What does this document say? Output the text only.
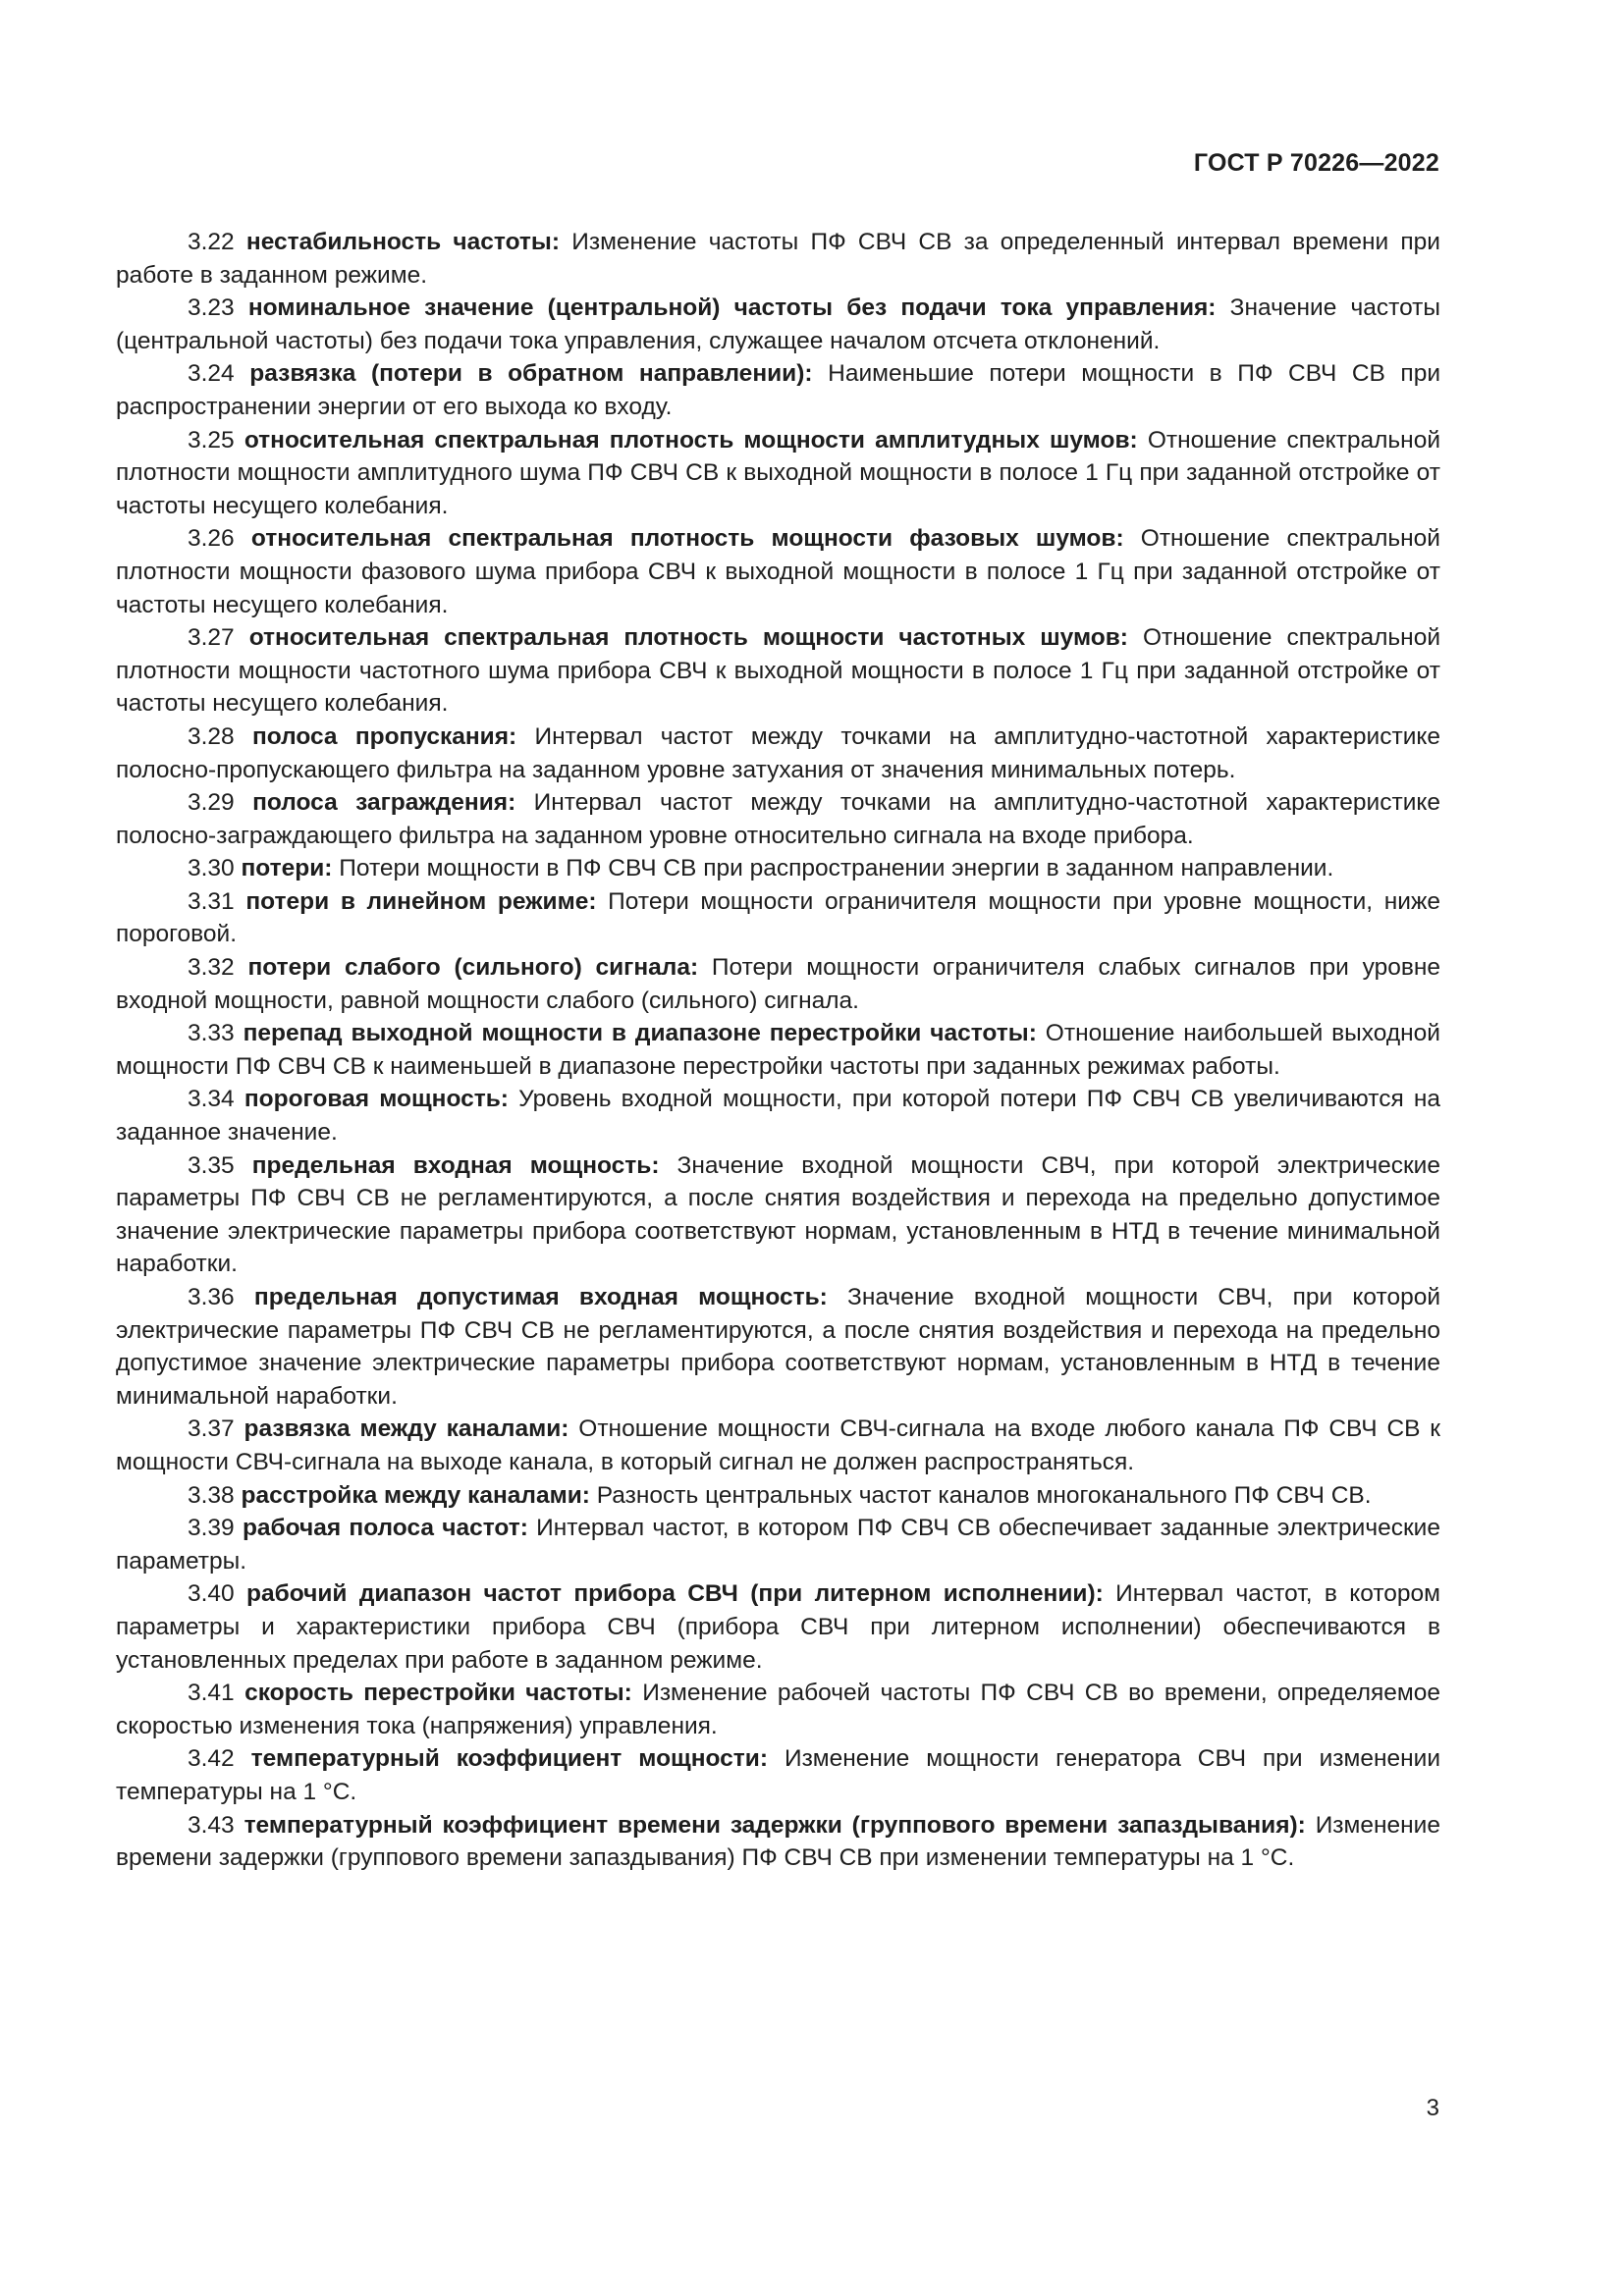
ГОСТ Р 70226—2022

3.22 нестабильность частоты: Изменение частоты ПФ СВЧ СВ за определенный интервал времени при работе в заданном режиме.

3.23 номинальное значение (центральной) частоты без подачи тока управления: Значение частоты (центральной частоты) без подачи тока управления, служащее началом отсчета отклонений.

3.24 развязка (потери в обратном направлении): Наименьшие потери мощности в ПФ СВЧ СВ при распространении энергии от его выхода ко входу.

3.25 относительная спектральная плотность мощности амплитудных шумов: Отношение спектральной плотности мощности амплитудного шума ПФ СВЧ СВ к выходной мощности в полосе 1 Гц при заданной отстройке от частоты несущего колебания.

3.26 относительная спектральная плотность мощности фазовых шумов: Отношение спектральной плотности мощности фазового шума прибора СВЧ к выходной мощности в полосе 1 Гц при заданной отстройке от частоты несущего колебания.

3.27 относительная спектральная плотность мощности частотных шумов: Отношение спектральной плотности мощности частотного шума прибора СВЧ к выходной мощности в полосе 1 Гц при заданной отстройке от частоты несущего колебания.

3.28 полоса пропускания: Интервал частот между точками на амплитудно-частотной характеристике полосно-пропускающего фильтра на заданном уровне затухания от значения минимальных потерь.

3.29 полоса заграждения: Интервал частот между точками на амплитудно-частотной характеристике полосно-заграждающего фильтра на заданном уровне относительно сигнала на входе прибора.

3.30 потери: Потери мощности в ПФ СВЧ СВ при распространении энергии в заданном направлении.

3.31 потери в линейном режиме: Потери мощности ограничителя мощности при уровне мощности, ниже пороговой.

3.32 потери слабого (сильного) сигнала: Потери мощности ограничителя слабых сигналов при уровне входной мощности, равной мощности слабого (сильного) сигнала.

3.33 перепад выходной мощности в диапазоне перестройки частоты: Отношение наибольшей выходной мощности ПФ СВЧ СВ к наименьшей в диапазоне перестройки частоты при заданных режимах работы.

3.34 пороговая мощность: Уровень входной мощности, при которой потери ПФ СВЧ СВ увеличиваются на заданное значение.

3.35 предельная входная мощность: Значение входной мощности СВЧ, при которой электрические параметры ПФ СВЧ СВ не регламентируются, а после снятия воздействия и перехода на предельно допустимое значение электрические параметры прибора соответствуют нормам, установленным в НТД в течение минимальной наработки.

3.36 предельная допустимая входная мощность: Значение входной мощности СВЧ, при которой электрические параметры ПФ СВЧ СВ не регламентируются, а после снятия воздействия и перехода на предельно допустимое значение электрические параметры прибора соответствуют нормам, установленным в НТД в течение минимальной наработки.

3.37 развязка между каналами: Отношение мощности СВЧ-сигнала на входе любого канала ПФ СВЧ СВ к мощности СВЧ-сигнала на выходе канала, в который сигнал не должен распространяться.

3.38 расстройка между каналами: Разность центральных частот каналов многоканального ПФ СВЧ СВ.

3.39 рабочая полоса частот: Интервал частот, в котором ПФ СВЧ СВ обеспечивает заданные электрические параметры.

3.40 рабочий диапазон частот прибора СВЧ (при литерном исполнении): Интервал частот, в котором параметры и характеристики прибора СВЧ (прибора СВЧ при литерном исполнении) обеспечиваются в установленных пределах при работе в заданном режиме.

3.41 скорость перестройки частоты: Изменение рабочей частоты ПФ СВЧ СВ во времени, определяемое скоростью изменения тока (напряжения) управления.

3.42 температурный коэффициент мощности: Изменение мощности генератора СВЧ при изменении температуры на 1 °C.

3.43 температурный коэффициент времени задержки (группового времени запаздывания): Изменение времени задержки (группового времени запаздывания) ПФ СВЧ СВ при изменении температуры на 1 °C.

3
